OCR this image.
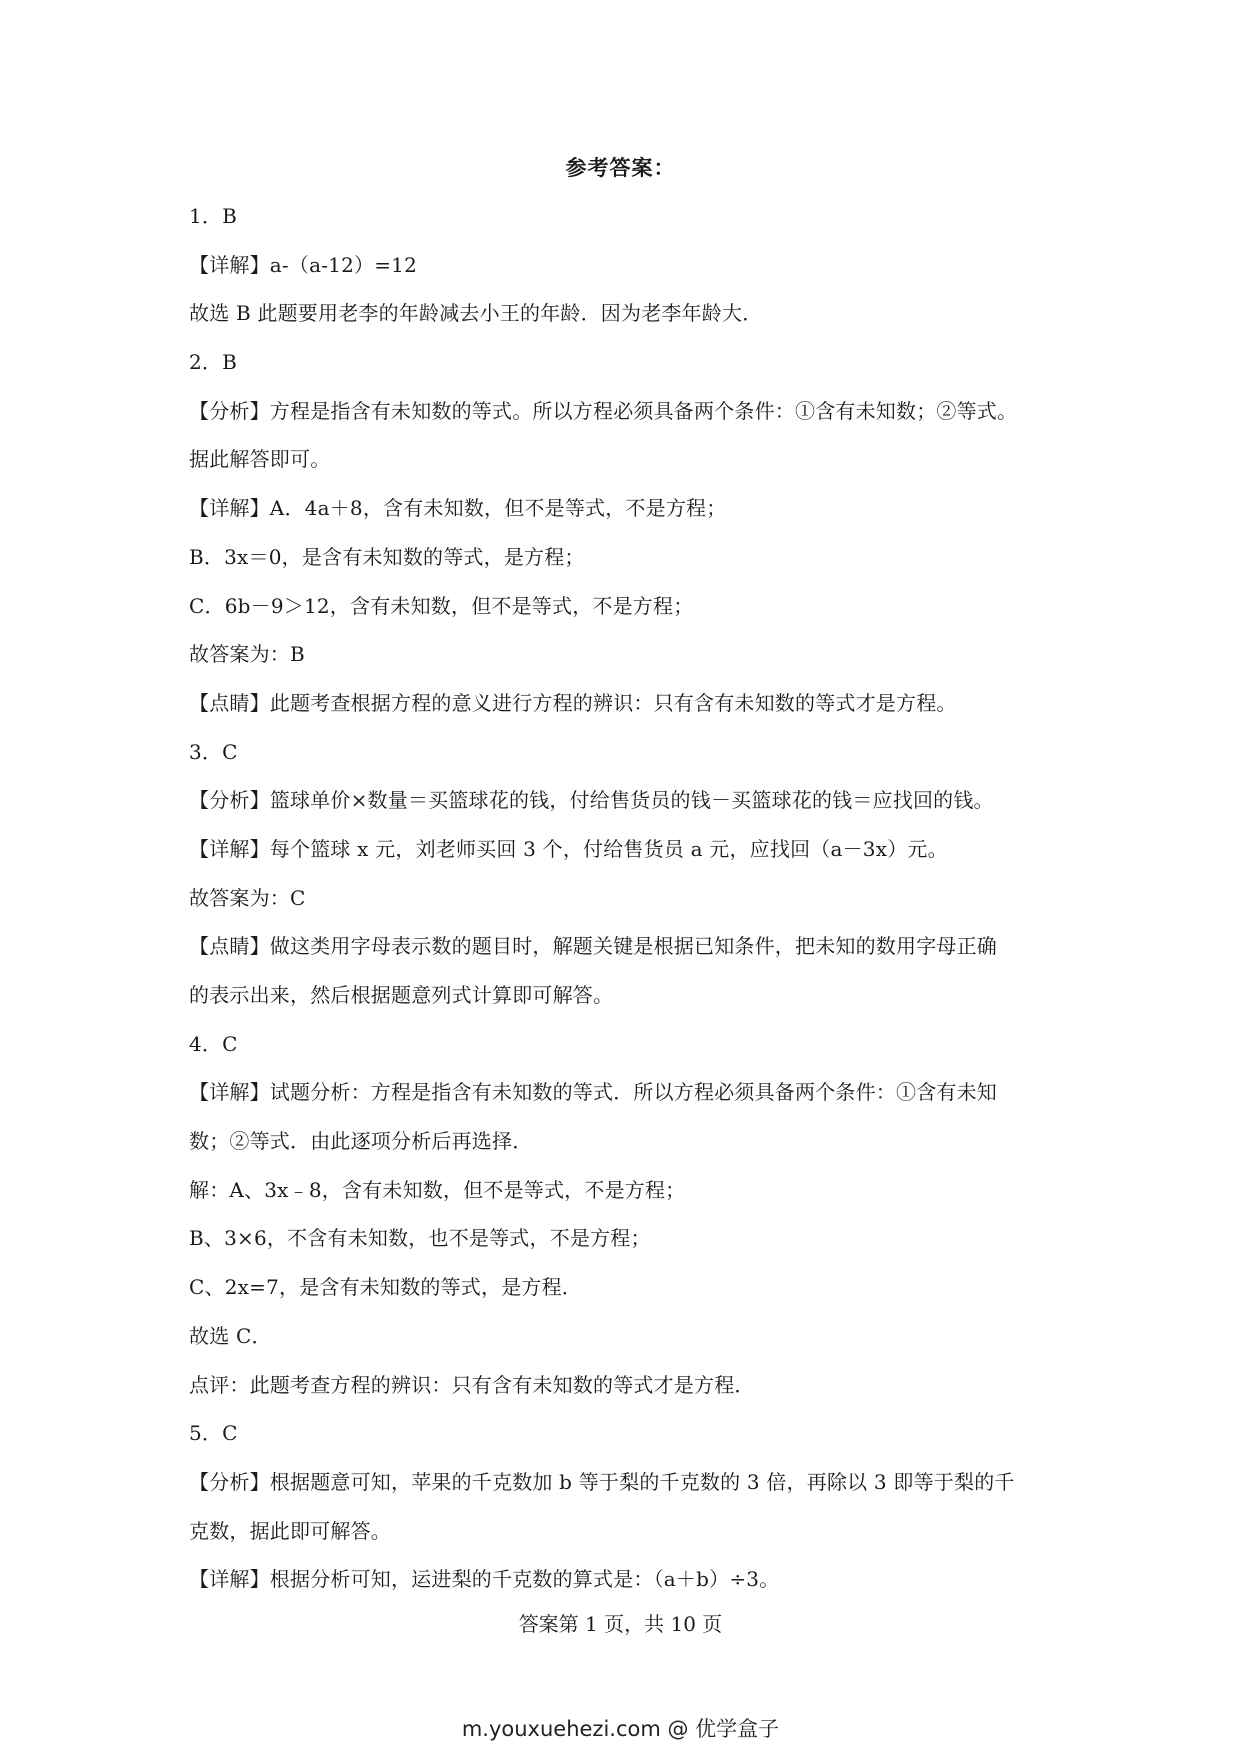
参考答案：
1．B
【详解】a-（a-12）=12
故选 B 此题要用老李的年龄减去小王的年龄．因为老李年龄大．
2．B
【分析】方程是指含有未知数的等式。所以方程必须具备两个条件：①含有未知数；②等式。
据此解答即可。
【详解】A．4a＋8，含有未知数，但不是等式，不是方程；
B．3x＝0，是含有未知数的等式，是方程；
C．6b－9＞12，含有未知数，但不是等式，不是方程；
故答案为：B
【点睛】此题考查根据方程的意义进行方程的辨识：只有含有未知数的等式才是方程。
3．C
【分析】篮球单价×数量＝买篮球花的钱，付给售货员的钱－买篮球花的钱＝应找回的钱。
【详解】每个篮球 x 元，刘老师买回 3 个，付给售货员 a 元，应找回（a－3x）元。
故答案为：C
【点睛】做这类用字母表示数的题目时，解题关键是根据已知条件，把未知的数用字母正确
的表示出来，然后根据题意列式计算即可解答。
4．C
【详解】试题分析：方程是指含有未知数的等式．所以方程必须具备两个条件：①含有未知
数；②等式．由此逐项分析后再选择．
解：A、3x﹣8，含有未知数，但不是等式，不是方程；
B、3×6，不含有未知数，也不是等式，不是方程；
C、2x=7，是含有未知数的等式，是方程．
故选 C．
点评：此题考查方程的辨识：只有含有未知数的等式才是方程．
5．C
【分析】根据题意可知，苹果的千克数加 b 等于梨的千克数的 3 倍，再除以 3 即等于梨的千
克数，据此即可解答。
【详解】根据分析可知，运进梨的千克数的算式是：（a＋b）÷3。
答案第 1 页，共 10 页
m.youxuehezi.com @ 优学盒子
